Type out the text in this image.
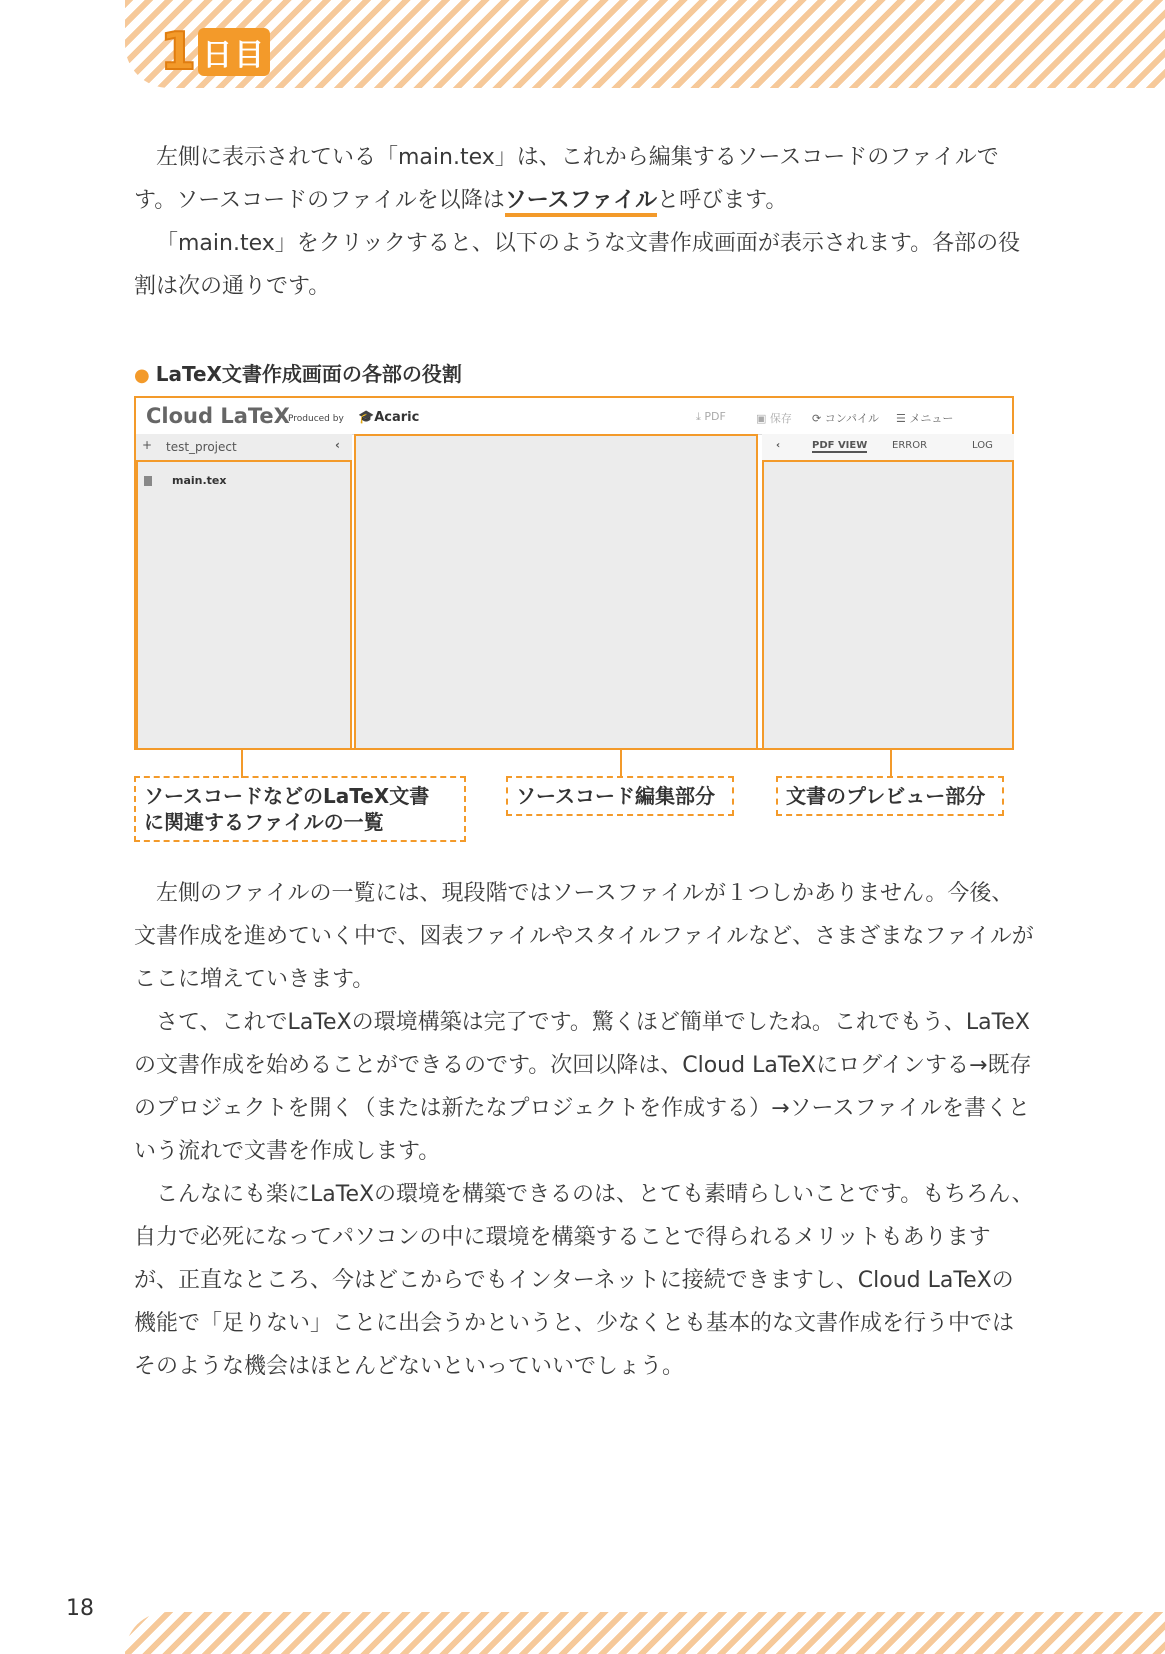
1 日目

左側に表示されている「main.tex」は、これから編集するソースコードのファイルです。ソースコードのファイルを以降はソースファイルと呼びます。

「main.tex」をクリックすると、以下のような文書作成画面が表示されます。各部の役割は次の通りです。

● LaTeX文書作成画面の各部の役割
Cloud LaTeX
Produced by 🎓Acaric	⤓ PDF	▣ 保存 ⟳ コンパイル ☰ メニュー
+ test_project	‹
main.tex
‹	PDF VIEW ERROR	LOG
ソースコードなどのLaTeX文書
に関連するファイルの一覧
ソースコード編集部分	文書のプレビュー部分

左側のファイルの一覧には、現段階ではソースファイルが１つしかありません。今後、文書作成を進めていく中で、図表ファイルやスタイルファイルなど、さまざまなファイルがここに増えていきます。

さて、これでLaTeXの環境構築は完了です。驚くほど簡単でしたね。これでもう、LaTeXの文書作成を始めることができるのです。次回以降は、Cloud LaTeXにログインする→既存のプロジェクトを開く（または新たなプロジェクトを作成する）→ソースファイルを書くという流れで文書を作成します。

こんなにも楽にLaTeXの環境を構築できるのは、とても素晴らしいことです。もちろん、自力で必死になってパソコンの中に環境を構築することで得られるメリットもありますが、正直なところ、今はどこからでもインターネットに接続できますし、Cloud LaTeXの機能で「足りない」ことに出会うかというと、少なくとも基本的な文書作成を行う中ではそのような機会はほとんどないといっていいでしょう。

18
